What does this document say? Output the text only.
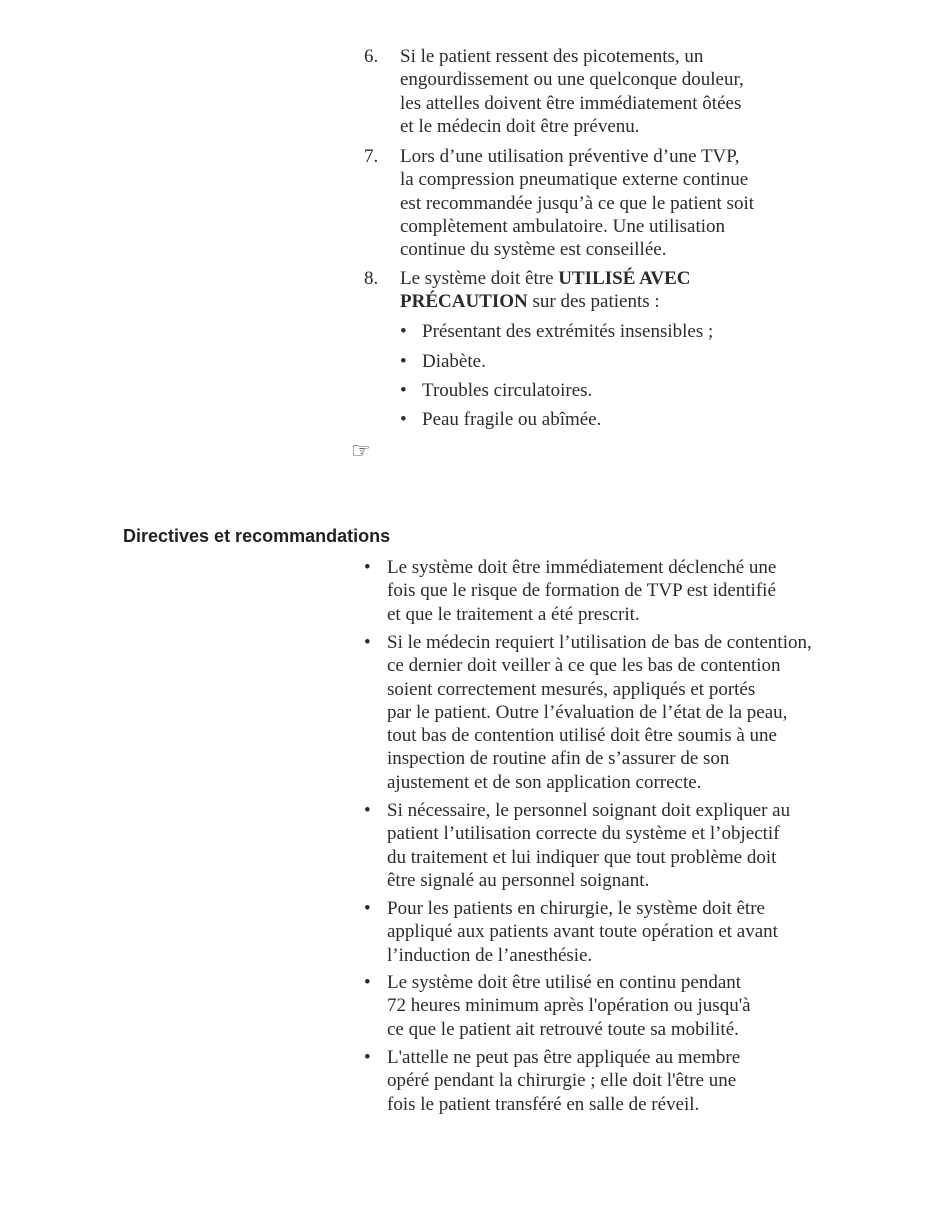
6. Si le patient ressent des picotements, un
engourdissement ou une quelconque douleur,
les attelles doivent être immédiatement ôtées
et le médecin doit être prévenu.
7. Lors d’une utilisation préventive d’une TVP,
la compression pneumatique externe continue
est recommandée jusqu’à ce que le patient soit
complètement ambulatoire. Une utilisation
continue du système est conseillée.
8. Le système doit être UTILISÉ AVEC
PRÉCAUTION sur des patients :
• Présentant des extrémités insensibles ;
• Diabète.
• Troubles circulatoires.
• Peau fragile ou abîmée.
☞
Directives et recommandations
• Le système doit être immédiatement déclenché une
fois que le risque de formation de TVP est identifié
et que le traitement a été prescrit.
• Si le médecin requiert l’utilisation de bas de contention,
ce dernier doit veiller à ce que les bas de contention
soient correctement mesurés, appliqués et portés
par le patient. Outre l’évaluation de l’état de la peau,
tout bas de contention utilisé doit être soumis à une
inspection de routine afin de s’assurer de son
ajustement et de son application correcte.
• Si nécessaire, le personnel soignant doit expliquer au
patient l’utilisation correcte du système et l’objectif
du traitement et lui indiquer que tout problème doit
être signalé au personnel soignant.
• Pour les patients en chirurgie, le système doit être
appliqué aux patients avant toute opération et avant
l’induction de l’anesthésie.
• Le système doit être utilisé en continu pendant
72 heures minimum après l'opération ou jusqu'à
ce que le patient ait retrouvé toute sa mobilité.
• L'attelle ne peut pas être appliquée au membre
opéré pendant la chirurgie ; elle doit l'être une
fois le patient transféré en salle de réveil.
